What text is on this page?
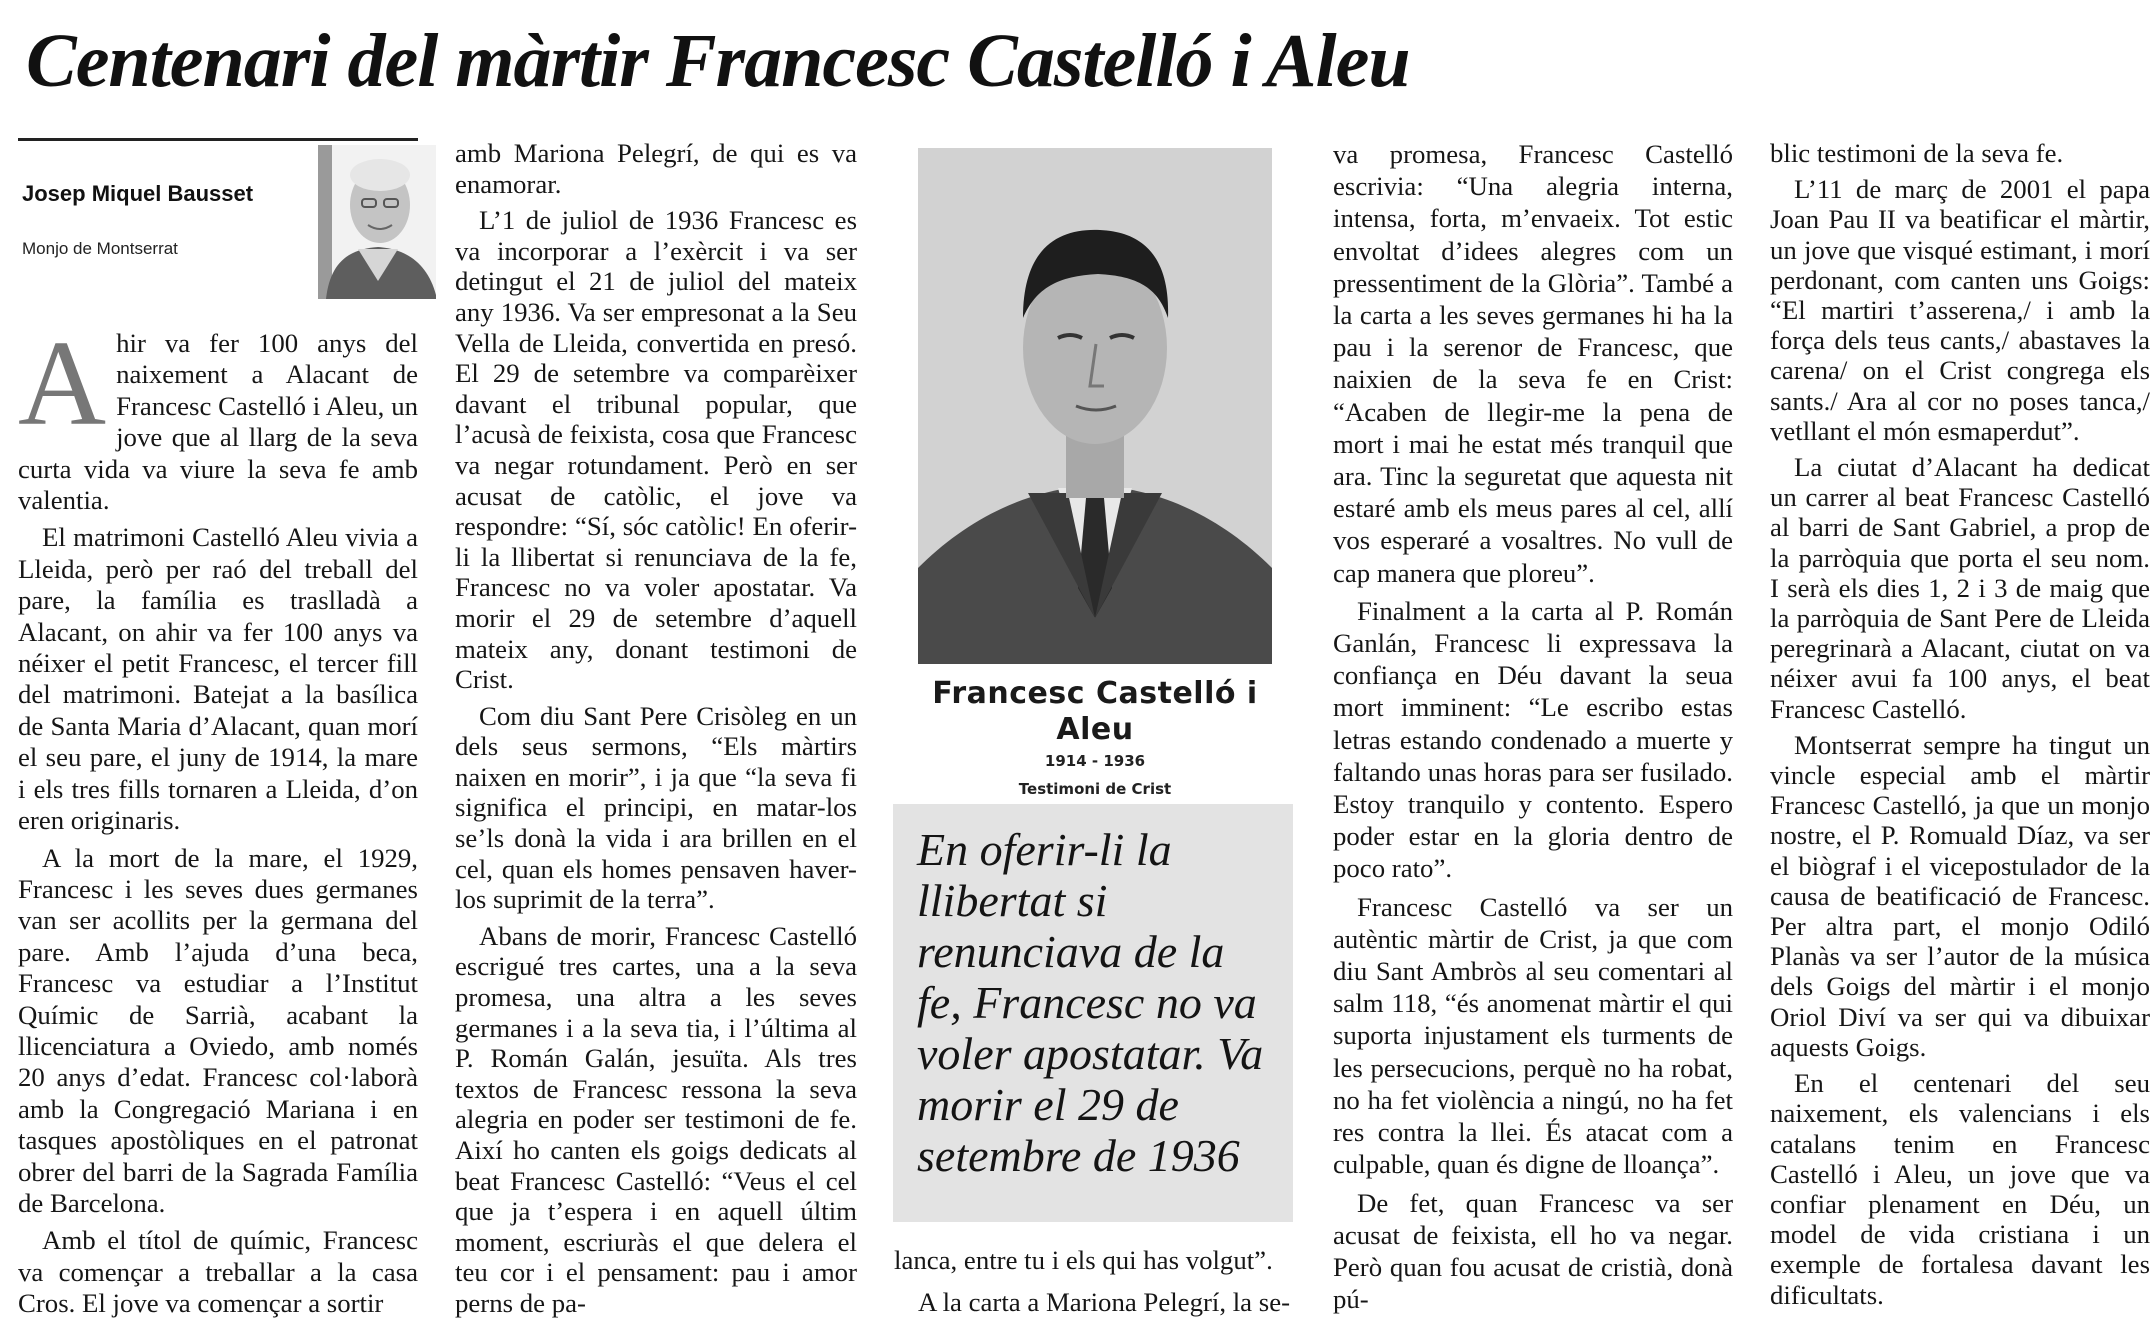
Centenari del màrtir Francesc Castelló i Aleu
Josep Miquel Bausset
Monjo de Montserrat

Ahir va fer 100 anys del naixement a Alacant de Francesc Castelló i Aleu, un jove que al llarg de la seva curta vida va viure la seva fe amb valentia.

El matrimoni Castelló Aleu vivia a Lleida, però per raó del treball del pare, la família es traslladà a Alacant, on ahir va fer 100 anys va néixer el petit Francesc, el tercer fill del matrimoni. Batejat a la basílica de Santa Maria d’Alacant, quan morí el seu pare, el juny de 1914, la mare i els tres fills tornaren a Lleida, d’on eren originaris.

A la mort de la mare, el 1929, Francesc i les seves dues germanes van ser acollits per la germana del pare. Amb l’ajuda d’una beca, Francesc va estudiar a l’Institut Químic de Sarrià, acabant la llicenciatura a Oviedo, amb només 20 anys d’edat. Francesc col·laborà amb la Congregació Mariana i en tasques apostòliques en el patronat obrer del barri de la Sagrada Família de Barcelona.

Amb el títol de químic, Francesc va començar a treballar a la casa Cros. El jove va començar a sortir

amb Mariona Pelegrí, de qui es va enamorar.

L’1 de juliol de 1936 Francesc es va incorporar a l’exèrcit i va ser detingut el 21 de juliol del mateix any 1936. Va ser empresonat a la Seu Vella de Lleida, convertida en presó. El 29 de setembre va comparèixer davant el tribunal popular, que l’acusà de feixista, cosa que Francesc va negar rotundament. Però en ser acusat de catòlic, el jove va respondre: “Sí, sóc catòlic! En oferir-li la llibertat si renunciava de la fe, Francesc no va voler apostatar. Va morir el 29 de setembre d’aquell mateix any, donant testimoni de Crist.

Com diu Sant Pere Crisòleg en un dels seus sermons, “Els màrtirs naixen en morir”, i ja que “la seva fi significa el principi, en matar-los se’ls donà la vida i ara brillen en el cel, quan els homes pensaven haver-los suprimit de la terra”.

Abans de morir, Francesc Castelló escrigué tres cartes, una a la seva promesa, una altra a les seves germanes i a la seva tia, i l’última al P. Román Galán, jesuïta. Als tres textos de Francesc ressona la seva alegria en poder ser testimoni de fe. Així ho canten els goigs dedicats al beat Francesc Castelló: “Veus el cel que ja t’espera i en aquell últim moment, escriuràs el que delera el teu cor i el pensament: pau i amor perns de pa-

Francesc Castelló i Aleu
1914 - 1936
Testimoni de Crist
En oferir-li la llibertat si renunciava de la fe, Francesc no va voler apostatar. Va morir el 29 de setembre de 1936

lanca, entre tu i els qui has volgut”.

A la carta a Mariona Pelegrí, la se-

va promesa, Francesc Castelló escrivia: “Una alegria interna, intensa, forta, m’envaeix. Tot estic envoltat d’idees alegres com un pressentiment de la Glòria”. També a la carta a les seves germanes hi ha la pau i la serenor de Francesc, que naixien de la seva fe en Crist: “Acaben de llegir-me la pena de mort i mai he estat més tranquil que ara. Tinc la seguretat que aquesta nit estaré amb els meus pares al cel, allí vos esperaré a vosaltres. No vull de cap manera que ploreu”.

Finalment a la carta al P. Román Ganlán, Francesc li expressava la confiança en Déu davant la seua mort imminent: “Le escribo estas letras estando condenado a muerte y faltando unas horas para ser fusilado. Estoy tranquilo y contento. Espero poder estar en la gloria dentro de poco rato”.

Francesc Castelló va ser un autèntic màrtir de Crist, ja que com diu Sant Ambròs al seu comentari al salm 118, “és anomenat màrtir el qui suporta injustament els turments de les persecucions, perquè no ha robat, no ha fet violència a ningú, no ha fet res contra la llei. És atacat com a culpable, quan és digne de lloança”.

De fet, quan Francesc va ser acusat de feixista, ell ho va negar. Però quan fou acusat de cristià, donà pú-

blic testimoni de la seva fe.

L’11 de març de 2001 el papa Joan Pau II va beatificar el màrtir, un jove que visqué estimant, i morí perdonant, com canten uns Goigs: “El martiri t’asserena,/ i amb la força dels teus cants,/ abastaves la carena/ on el Crist congrega els sants./ Ara al cor no poses tanca,/ vetllant el món esmaperdut”.

La ciutat d’Alacant ha dedicat un carrer al beat Francesc Castelló al barri de Sant Gabriel, a prop de la parròquia que porta el seu nom. I serà els dies 1, 2 i 3 de maig que la parròquia de Sant Pere de Lleida peregrinarà a Alacant, ciutat on va néixer avui fa 100 anys, el beat Francesc Castelló.

Montserrat sempre ha tingut un vincle especial amb el màrtir Francesc Castelló, ja que un monjo nostre, el P. Romuald Díaz, va ser el biògraf i el vicepostulador de la causa de beatificació de Francesc. Per altra part, el monjo Odiló Planàs va ser l’autor de la música dels Goigs del màrtir i el monjo Oriol Diví va ser qui va dibuixar aquests Goigs.

En el centenari del seu naixement, els valencians i els catalans tenim en Francesc Castelló i Aleu, un jove que va confiar plenament en Déu, un model de vida cristiana i un exemple de fortalesa davant les dificultats.
